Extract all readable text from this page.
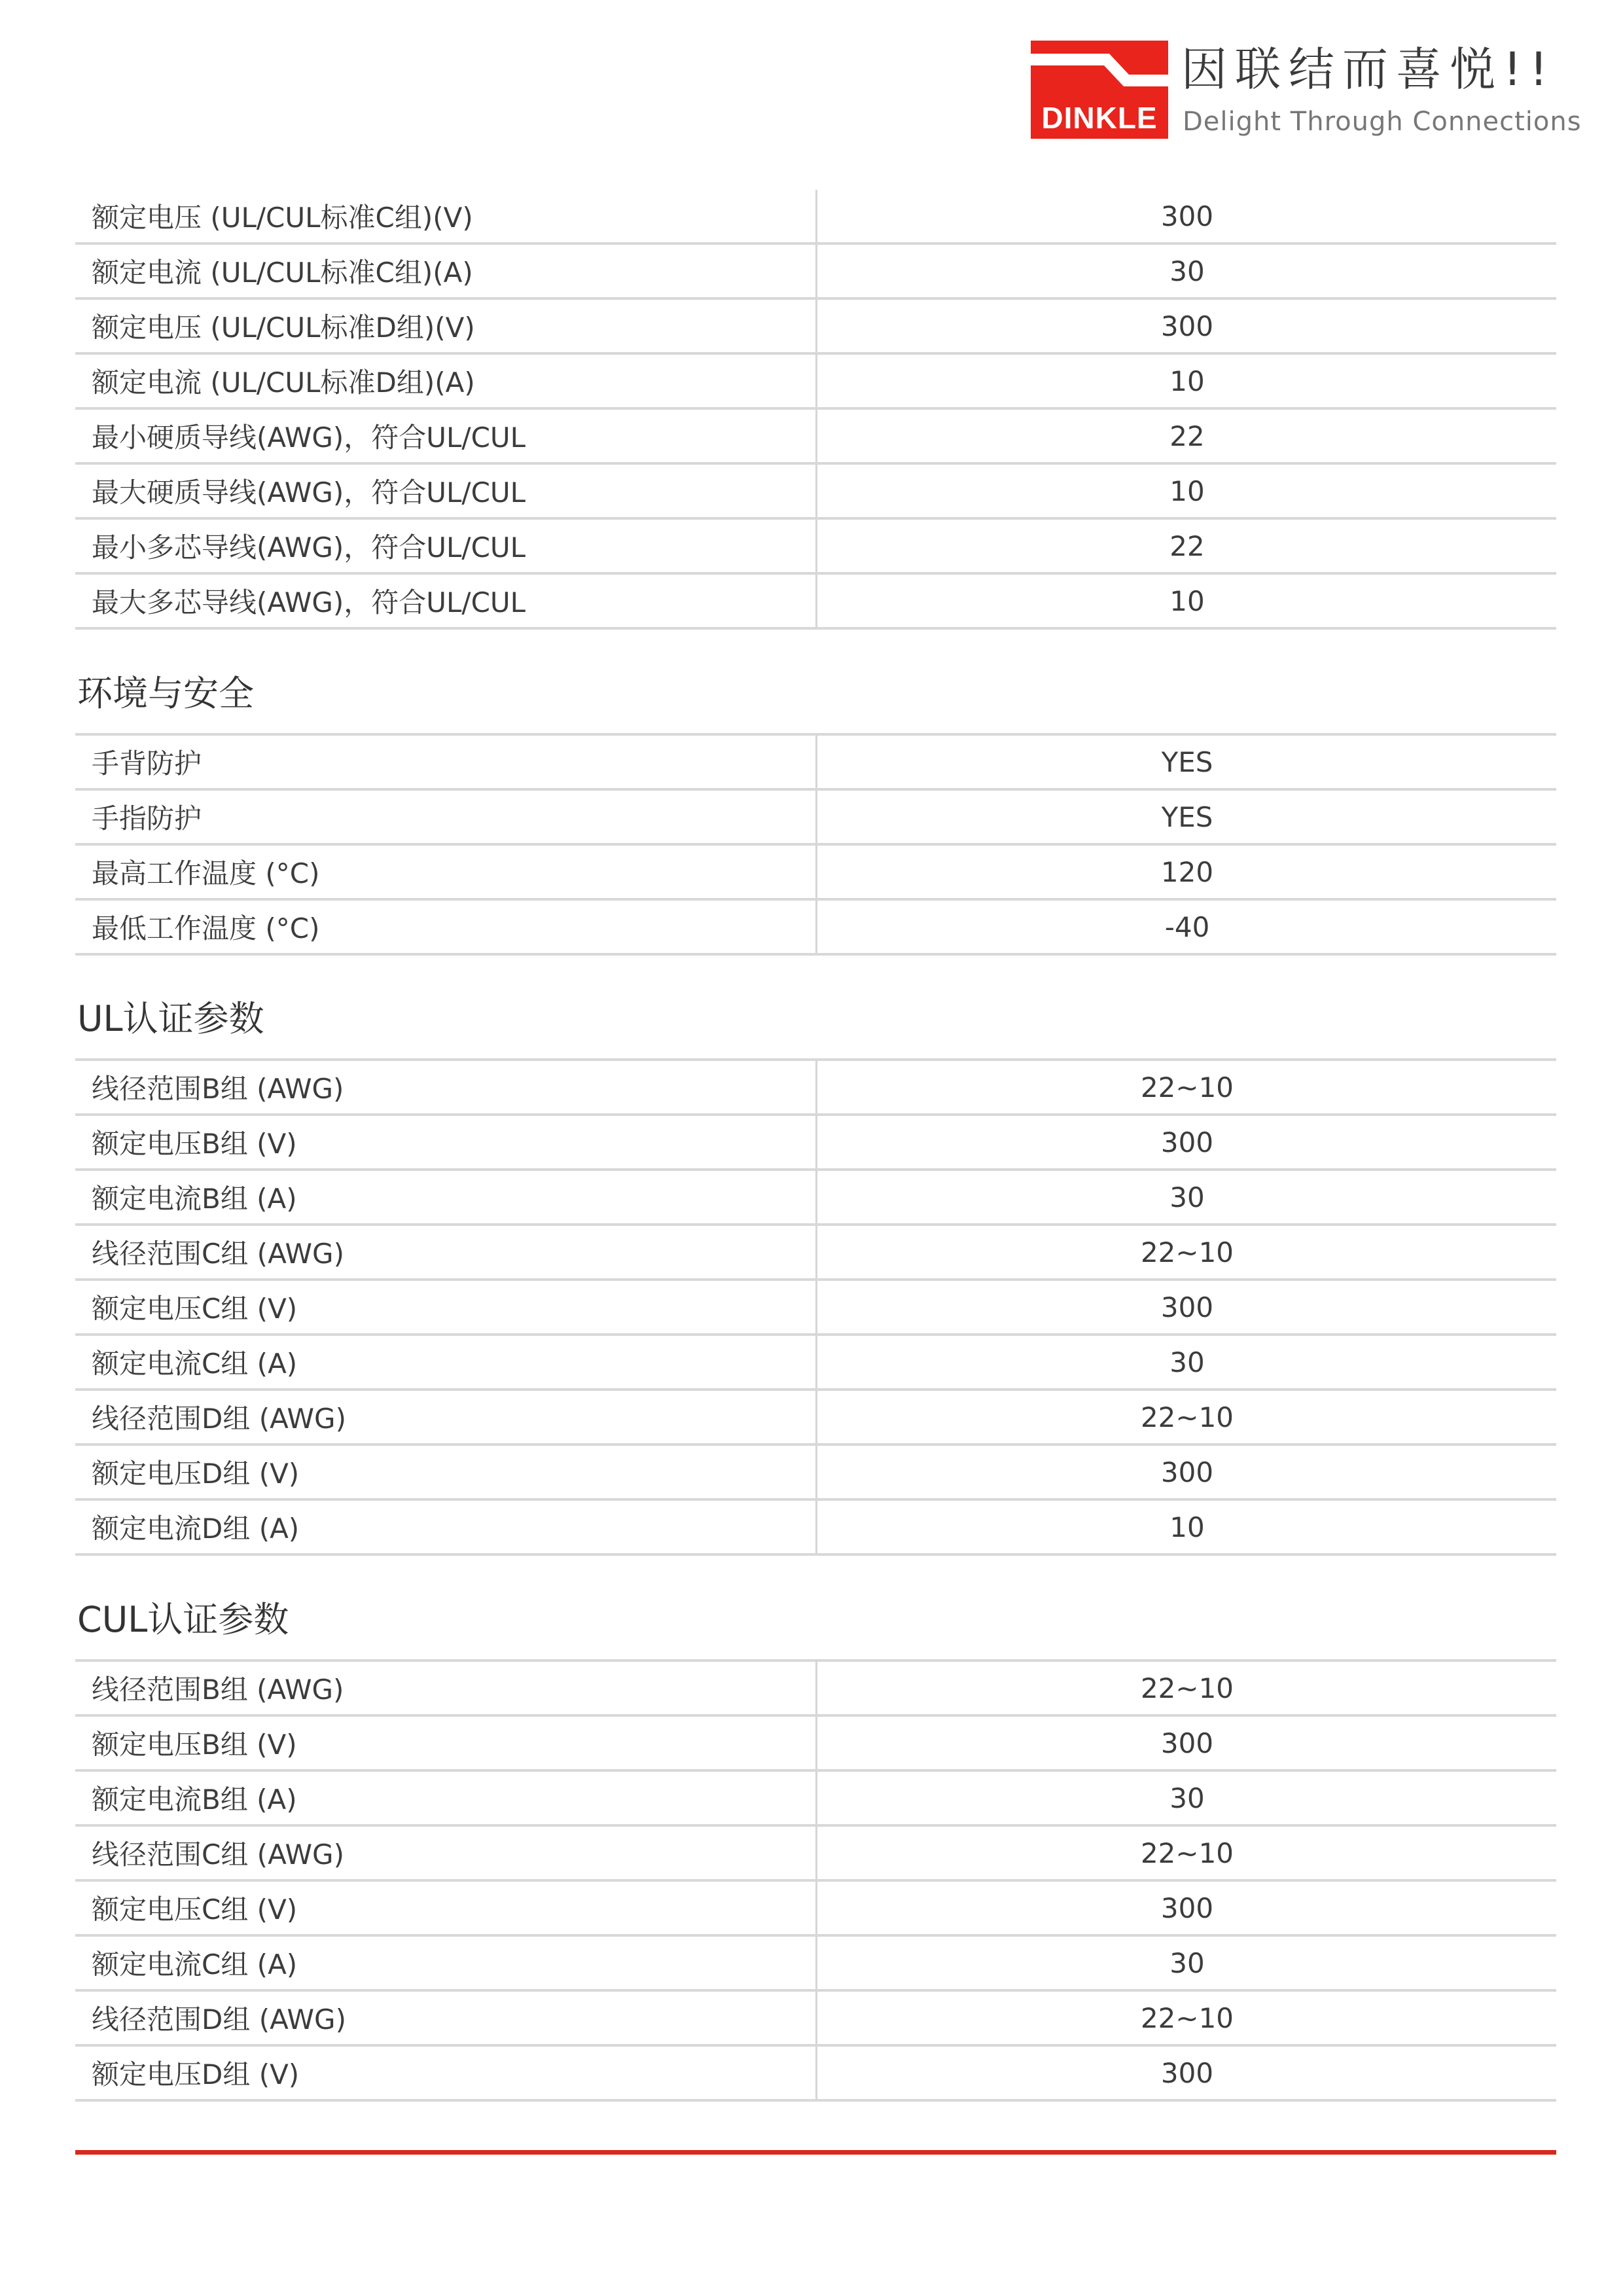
DINKLE
因联结而喜悦!!
Delight Through Connections
额定电压 (UL/CUL标准C组)(V)	300
额定电流 (UL/CUL标准C组)(A)	30
额定电压 (UL/CUL标准D组)(V)	300
额定电流 (UL/CUL标准D组)(A)	10
最小硬质导线(AWG)，符合UL/CUL	22
最大硬质导线(AWG)，符合UL/CUL	10
最小多芯导线(AWG)，符合UL/CUL	22
最大多芯导线(AWG)，符合UL/CUL	10
环境与安全
手背防护	YES
手指防护	YES
最高工作温度 (°C)	120
最低工作温度 (°C)	-40
UL认证参数
线径范围B组 (AWG)	22~10
额定电压B组 (V)	300
额定电流B组 (A)	30
线径范围C组 (AWG)	22~10
额定电压C组 (V)	300
额定电流C组 (A)	30
线径范围D组 (AWG)	22~10
额定电压D组 (V)	300
额定电流D组 (A)	10
CUL认证参数
线径范围B组 (AWG)	22~10
额定电压B组 (V)	300
额定电流B组 (A)	30
线径范围C组 (AWG)	22~10
额定电压C组 (V)	300
额定电流C组 (A)	30
线径范围D组 (AWG)	22~10
额定电压D组 (V)	300
